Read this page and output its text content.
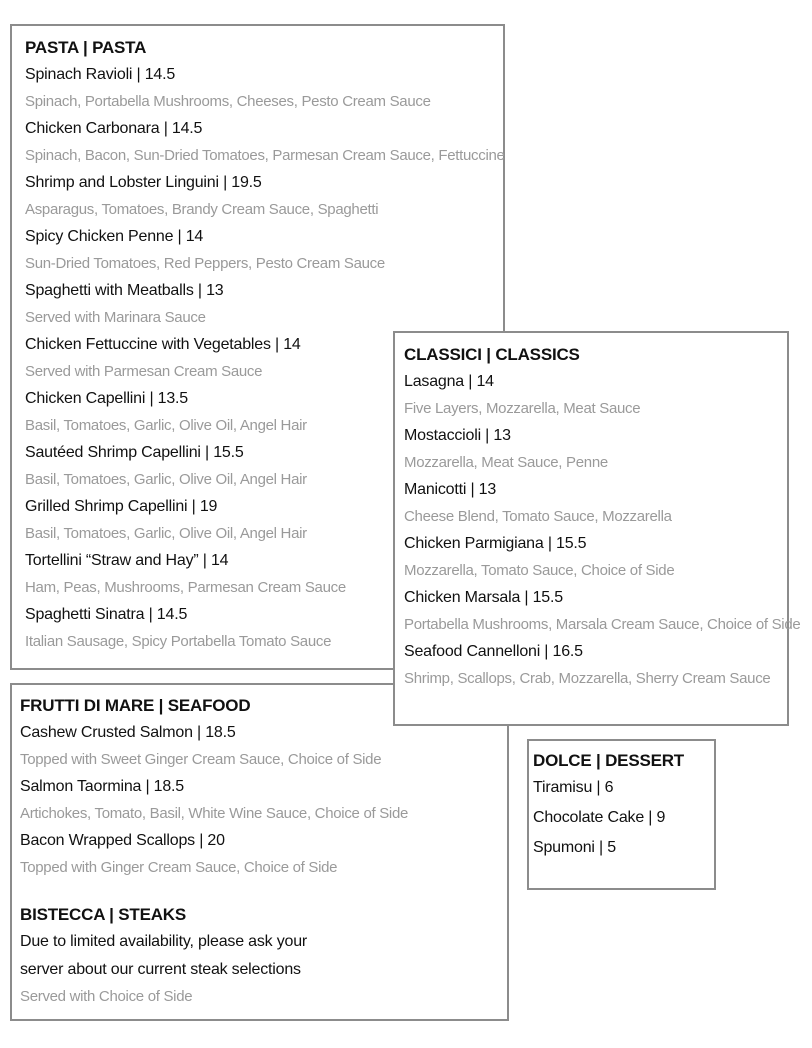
PASTA | PASTA
Spinach Ravioli | 14.5
Spinach, Portabella Mushrooms, Cheeses, Pesto Cream Sauce
Chicken Carbonara | 14.5
Spinach, Bacon, Sun-Dried Tomatoes, Parmesan Cream Sauce, Fettuccine
Shrimp and Lobster Linguini | 19.5
Asparagus, Tomatoes, Brandy Cream Sauce, Spaghetti
Spicy Chicken Penne | 14
Sun-Dried Tomatoes, Red Peppers, Pesto Cream Sauce
Spaghetti with Meatballs | 13
Served with Marinara Sauce
Chicken Fettuccine with Vegetables | 14
Served with Parmesan Cream Sauce
Chicken Capellini | 13.5
Basil, Tomatoes, Garlic, Olive Oil, Angel Hair
Sautéed Shrimp Capellini | 15.5
Basil, Tomatoes, Garlic, Olive Oil, Angel Hair
Grilled Shrimp Capellini | 19
Basil, Tomatoes, Garlic, Olive Oil, Angel Hair
Tortellini “Straw and Hay” | 14
Ham, Peas, Mushrooms, Parmesan Cream Sauce
Spaghetti Sinatra | 14.5
Italian Sausage, Spicy Portabella Tomato Sauce
FRUTTI DI MARE | SEAFOOD
Cashew Crusted Salmon | 18.5
Topped with Sweet Ginger Cream Sauce, Choice of Side
Salmon Taormina | 18.5
Artichokes, Tomato, Basil, White Wine Sauce, Choice of Side
Bacon Wrapped Scallops | 20
Topped with Ginger Cream Sauce, Choice of Side
BISTECCA | STEAKS
Due to limited availability, please ask your
server about our current steak selections
Served with Choice of Side
CLASSICI | CLASSICS
Lasagna | 14
Five Layers, Mozzarella, Meat Sauce
Mostaccioli | 13
Mozzarella, Meat Sauce, Penne
Manicotti | 13
Cheese Blend, Tomato Sauce, Mozzarella
Chicken Parmigiana | 15.5
Mozzarella, Tomato Sauce, Choice of Side
Chicken Marsala | 15.5
Portabella Mushrooms, Marsala Cream Sauce, Choice of Side
Seafood Cannelloni | 16.5
Shrimp, Scallops, Crab, Mozzarella, Sherry Cream Sauce
DOLCE | DESSERT
Tiramisu | 6
Chocolate Cake | 9
Spumoni | 5
